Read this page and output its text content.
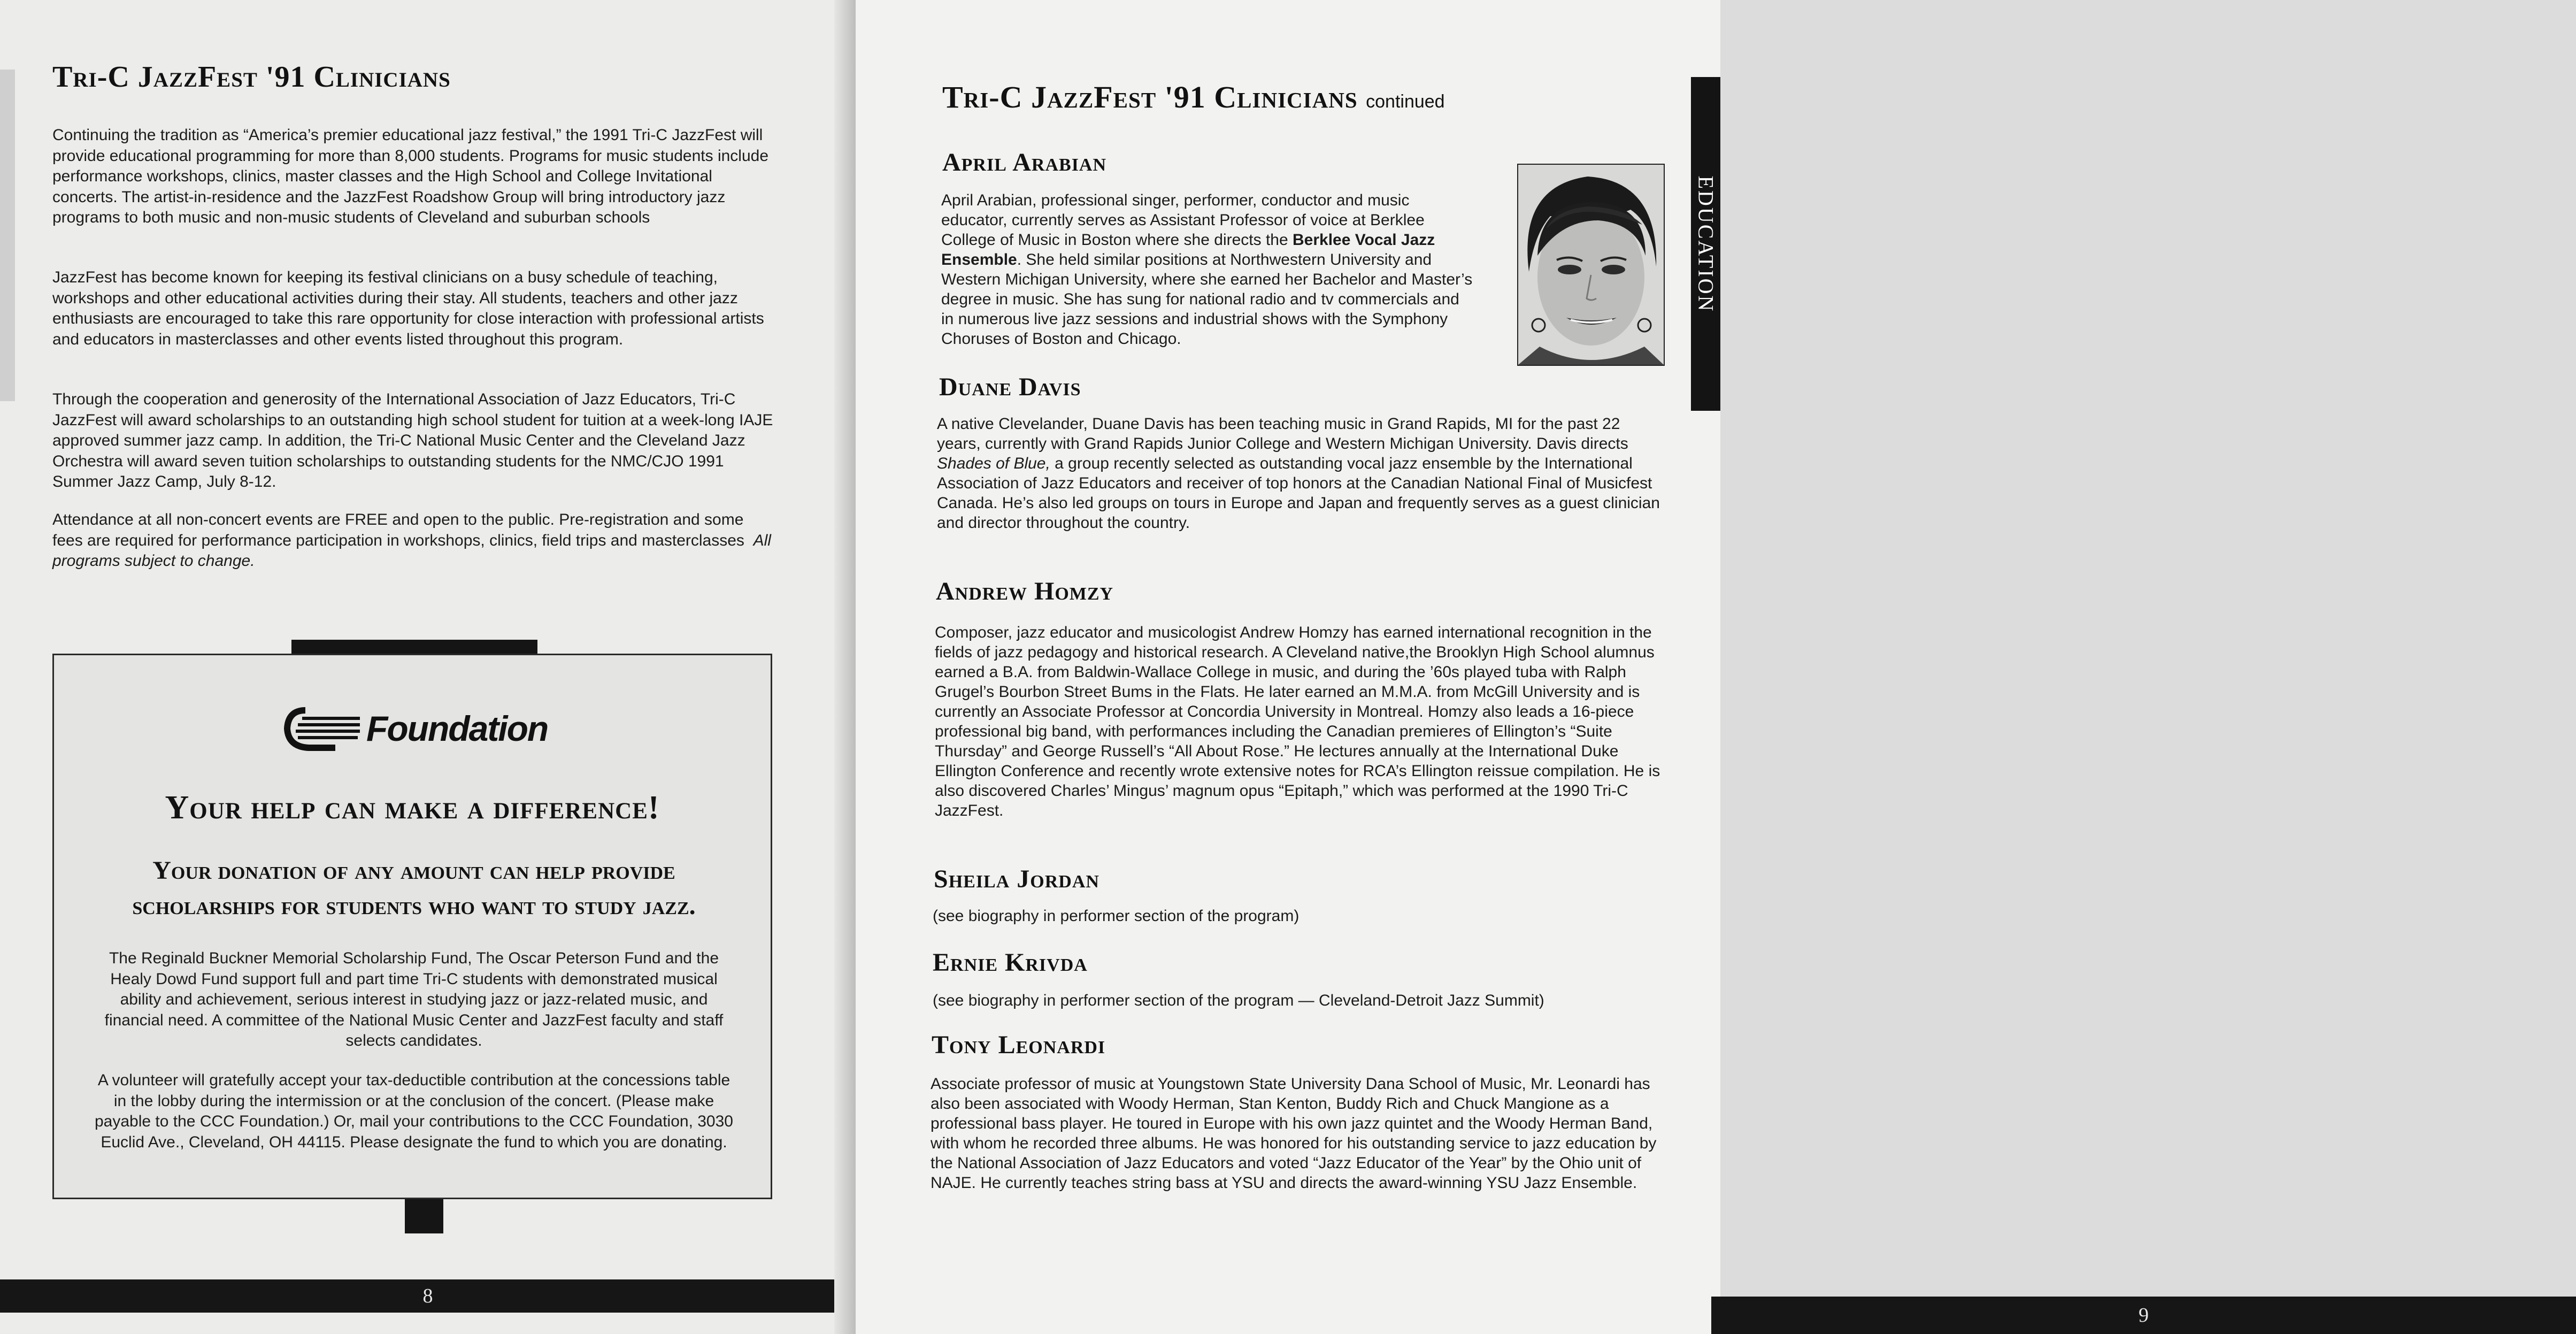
Tri-C JazzFest '91 Clinicians

Continuing the tradition as “America’s premier educational jazz festival,” the 1991 Tri-C JazzFest will provide educational programming for more than 8,000 students. Programs for music students include performance workshops, clinics, master classes and the High School and College Invitational concerts. The artist-in-residence and the JazzFest Roadshow Group will bring introductory jazz programs to both music and non-music students of Cleveland and suburban schools

JazzFest has become known for keeping its festival clinicians on a busy schedule of teaching, workshops and other educational activities during their stay. All students, teachers and other jazz enthusiasts are encouraged to take this rare opportunity for close interaction with professional artists and educators in masterclasses and other events listed throughout this program.

Through the cooperation and generosity of the International Association of Jazz Educators, Tri-C JazzFest will award scholarships to an outstanding high school student for tuition at a week-long IAJE approved summer jazz camp. In addition, the Tri-C National Music Center and the Cleveland Jazz Orchestra will award seven tuition scholarships to outstanding students for the NMC/CJO 1991 Summer Jazz Camp, July 8-12.

Attendance at all non-concert events are FREE and open to the public. Pre-registration and some fees are required for performance participation in workshops, clinics, field trips and masterclasses All programs subject to change.

Foundation
Your help can make a difference!
Your donation of any amount can help provide scholarships for students who want to study jazz.

The Reginald Buckner Memorial Scholarship Fund, The Oscar Peterson Fund and the Healy Dowd Fund support full and part time Tri-C students with demonstrated musical ability and achievement, serious interest in studying jazz or jazz-related music, and financial need. A committee of the National Music Center and JazzFest faculty and staff selects candidates.

A volunteer will gratefully accept your tax-deductible contribution at the concessions table in the lobby during the intermission or at the conclusion of the concert. (Please make payable to the CCC Foundation.) Or, mail your contributions to the CCC Foundation, 3030 Euclid Ave., Cleveland, OH 44115. Please designate the fund to which you are donating.

8
Tri-C JazzFest '91 Clinicians continued
April Arabian

April Arabian, professional singer, performer, conductor and music educator, currently serves as Assistant Professor of voice at Berklee College of Music in Boston where she directs the Berklee Vocal Jazz Ensemble. She held similar positions at Northwestern University and Western Michigan University, where she earned her Bachelor and Master’s degree in music. She has sung for national radio and tv commercials and in numerous live jazz sessions and industrial shows with the Symphony Choruses of Boston and Chicago.

Duane Davis

A native Clevelander, Duane Davis has been teaching music in Grand Rapids, MI for the past 22 years, currently with Grand Rapids Junior College and Western Michigan University. Davis directs Shades of Blue, a group recently selected as outstanding vocal jazz ensemble by the International Association of Jazz Educators and receiver of top honors at the Canadian National Final of Musicfest Canada. He’s also led groups on tours in Europe and Japan and frequently serves as a guest clinician and director throughout the country.

Andrew Homzy

Composer, jazz educator and musicologist Andrew Homzy has earned international recognition in the fields of jazz pedagogy and historical research. A Cleveland native,the Brooklyn High School alumnus earned a B.A. from Baldwin-Wallace College in music, and during the ’60s played tuba with Ralph Grugel’s Bourbon Street Bums in the Flats. He later earned an M.M.A. from McGill University and is currently an Associate Professor at Concordia University in Montreal. Homzy also leads a 16-piece professional big band, with performances including the Canadian premieres of Ellington’s “Suite Thursday” and George Russell’s “All About Rose.” He lectures annually at the International Duke Ellington Conference and recently wrote extensive notes for RCA’s Ellington reissue compilation. He is also discovered Charles’ Mingus’ magnum opus “Epitaph,” which was performed at the 1990 Tri-C JazzFest.

Sheila Jordan

(see biography in performer section of the program)

Ernie Krivda

(see biography in performer section of the program — Cleveland-Detroit Jazz Summit)

Tony Leonardi

Associate professor of music at Youngstown State University Dana School of Music, Mr. Leonardi has also been associated with Woody Herman, Stan Kenton, Buddy Rich and Chuck Mangione as a professional bass player. He toured in Europe with his own jazz quintet and the Woody Herman Band, with whom he recorded three albums. He was honored for his outstanding service to jazz education by the National Association of Jazz Educators and voted “Jazz Educator of the Year” by the Ohio unit of NAJE. He currently teaches string bass at YSU and directs the award-winning YSU Jazz Ensemble.

9
EDUCATION
